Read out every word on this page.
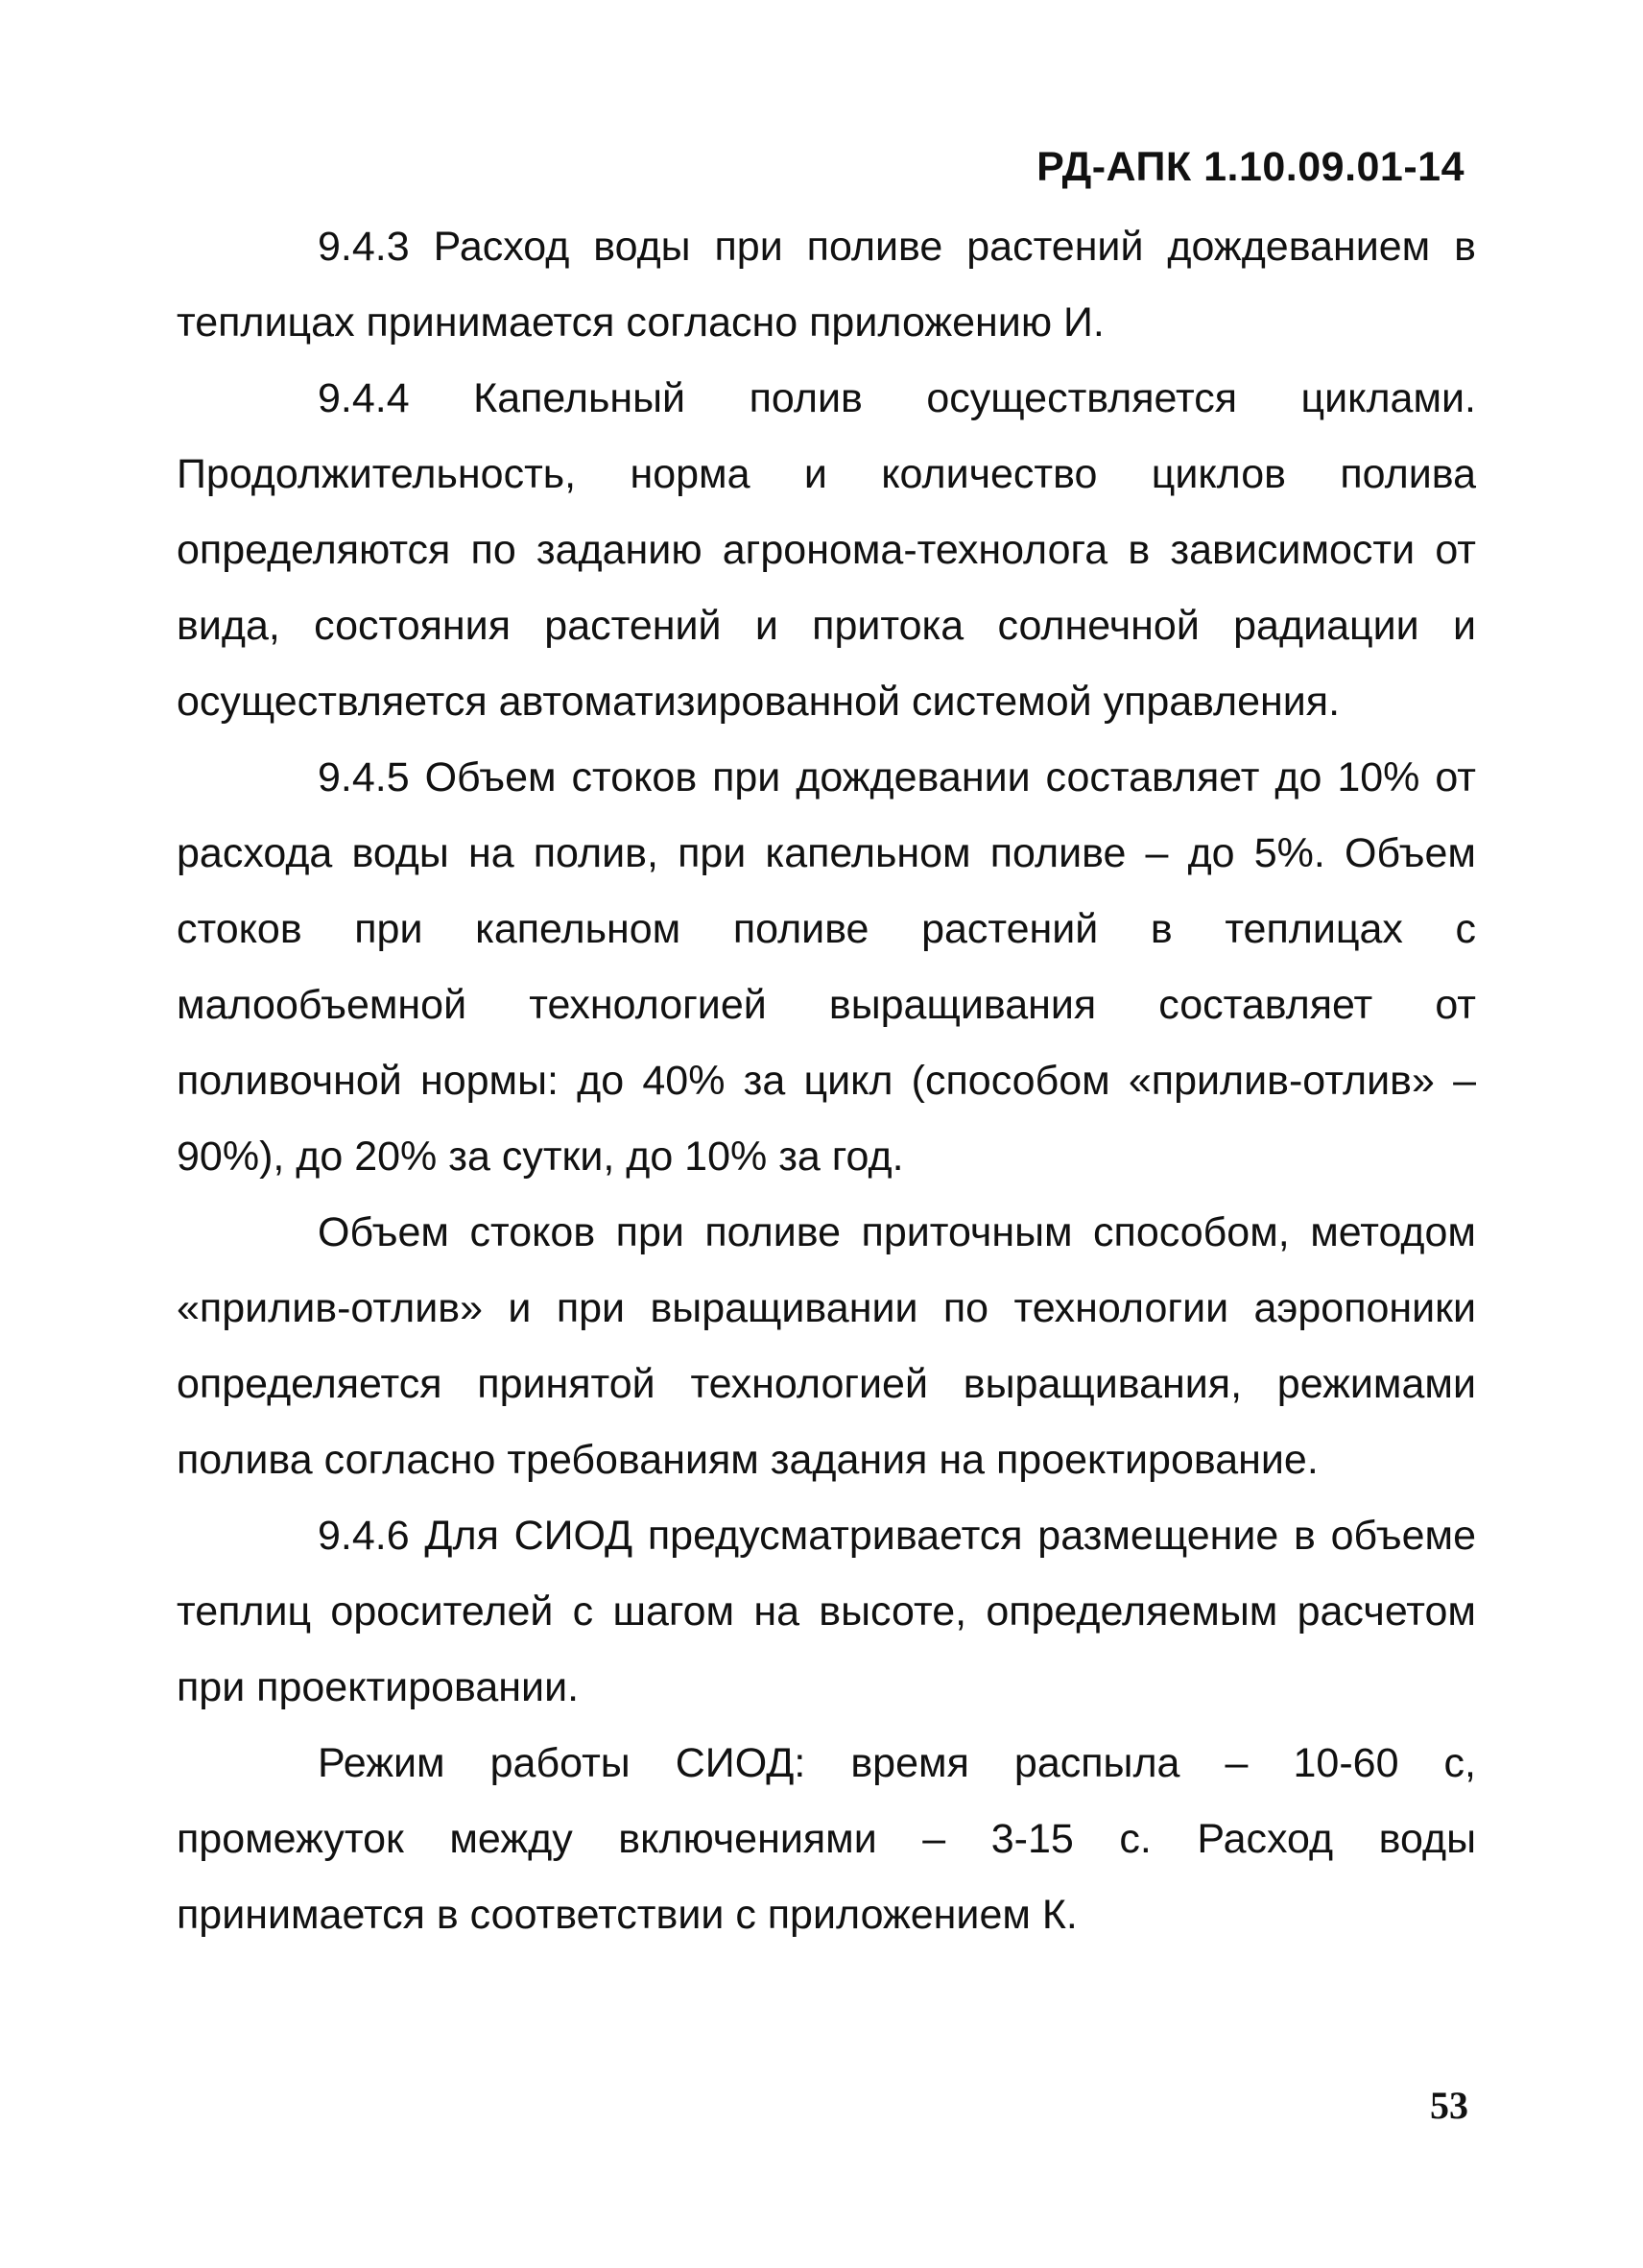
РД-АПК 1.10.09.01-14

9.4.3 Расход воды при поливе растений дождеванием в теплицах принимается согласно приложению И.

9.4.4 Капельный полив осуществляется циклами. Продолжительность, норма и количество циклов полива определяются по заданию агронома-технолога в зависимости от вида, состояния растений и притока солнечной радиации и осуществляется автоматизированной системой управления.

9.4.5 Объем стоков при дождевании составляет до 10% от расхода воды на полив, при капельном поливе – до 5%. Объем стоков при капельном поливе растений в теплицах с малообъемной технологией выращивания составляет от поливочной нормы: до 40% за цикл (способом «прилив-отлив» – 90%), до 20% за сутки, до 10% за год.

Объем стоков при поливе приточным способом, методом «прилив-отлив» и при выращивании по технологии аэропоники определяется принятой технологией выращивания, режимами полива согласно требованиям задания на проектирование.

9.4.6 Для СИОД предусматривается размещение в объеме теплиц оросителей с шагом на высоте, определяемым расчетом при проектировании.

Режим работы СИОД: время распыла – 10-60 с, промежуток между включениями – 3-15 с. Расход воды принимается в соответствии с приложением К.

53
